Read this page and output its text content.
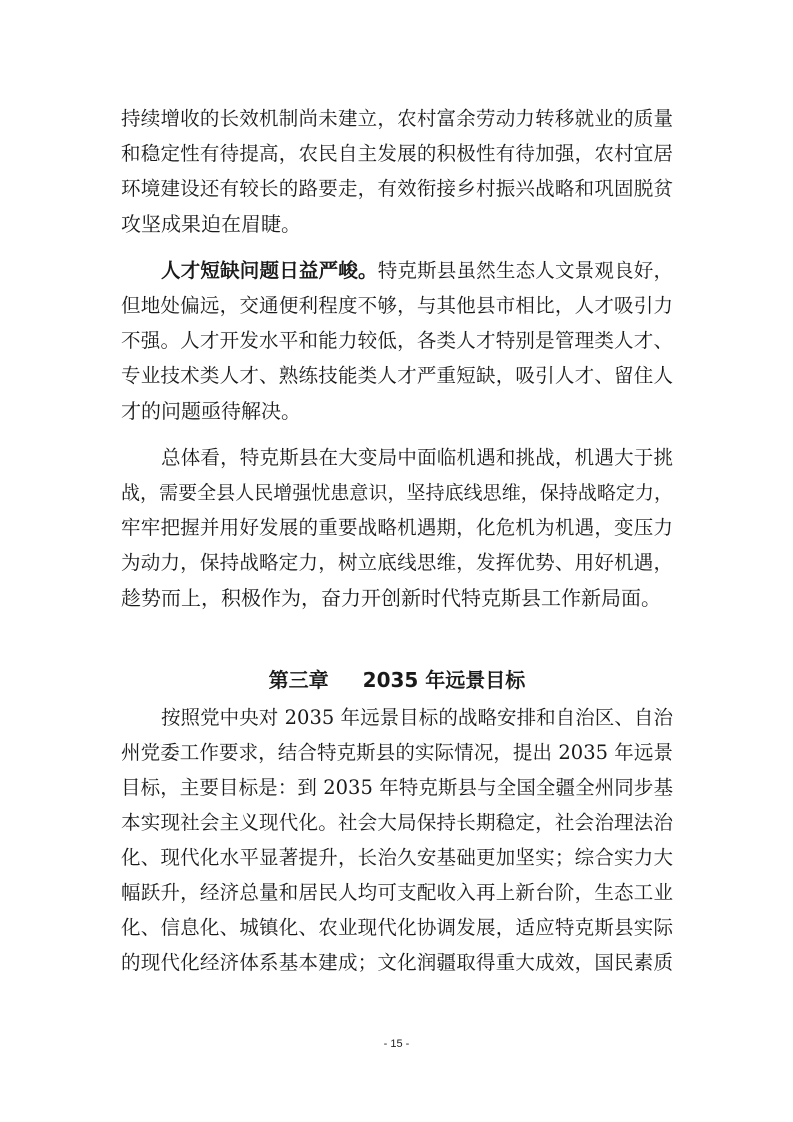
持续增收的长效机制尚未建立，农村富余劳动力转移就业的质量
和稳定性有待提高，农民自主发展的积极性有待加强，农村宜居
环境建设还有较长的路要走，有效衔接乡村振兴战略和巩固脱贫
攻坚成果迫在眉睫。
人才短缺问题日益严峻。特克斯县虽然生态人文景观良好，
但地处偏远，交通便利程度不够，与其他县市相比，人才吸引力
不强。人才开发水平和能力较低，各类人才特别是管理类人才、
专业技术类人才、熟练技能类人才严重短缺，吸引人才、留住人
才的问题亟待解决。
总体看，特克斯县在大变局中面临机遇和挑战，机遇大于挑
战，需要全县人民增强忧患意识，坚持底线思维，保持战略定力，
牢牢把握并用好发展的重要战略机遇期，化危机为机遇，变压力
为动力，保持战略定力，树立底线思维，发挥优势、用好机遇，
趁势而上，积极作为，奋力开创新时代特克斯县工作新局面。
第三章 2035 年远景目标
按照党中央对 2035 年远景目标的战略安排和自治区、自治
州党委工作要求，结合特克斯县的实际情况，提出 2035 年远景
目标，主要目标是：到 2035 年特克斯县与全国全疆全州同步基
本实现社会主义现代化。社会大局保持长期稳定，社会治理法治
化、现代化水平显著提升，长治久安基础更加坚实；综合实力大
幅跃升，经济总量和居民人均可支配收入再上新台阶，生态工业
化、信息化、城镇化、农业现代化协调发展，适应特克斯县实际
的现代化经济体系基本建成；文化润疆取得重大成效，国民素质
- 15 -
